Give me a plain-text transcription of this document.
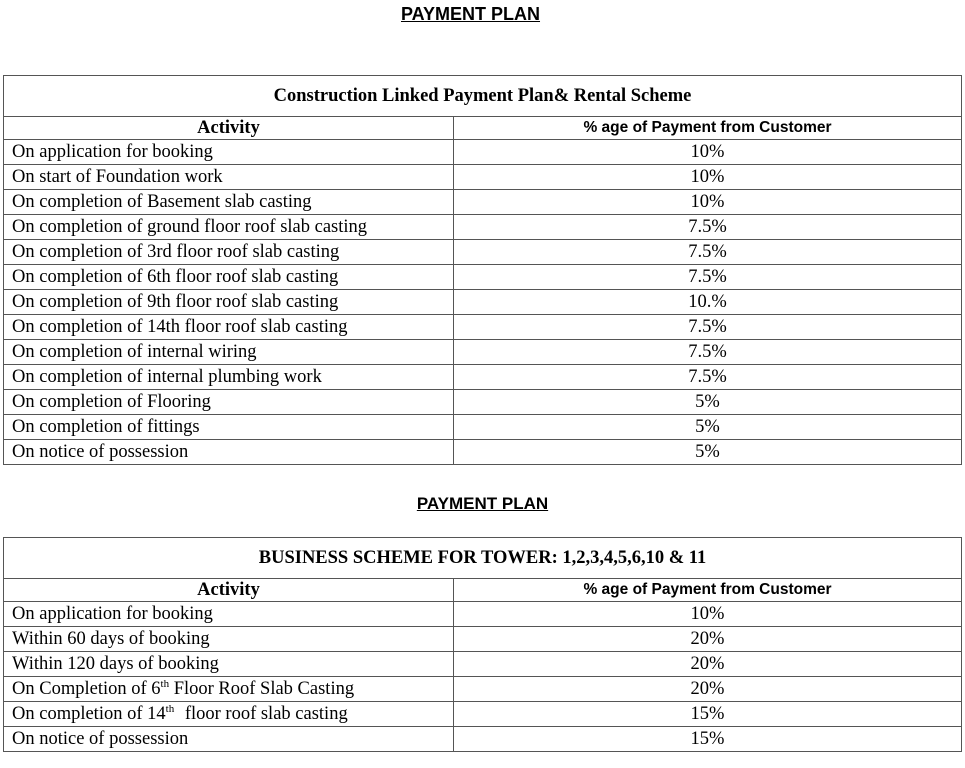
PAYMENT PLAN
Construction Linked Payment Plan& Rental Scheme	
Activity	% age of Payment from Customer
On application for booking	10%
On start of Foundation work	10%
On completion of Basement slab casting	10%
On completion of ground floor roof slab casting	7.5%
On completion of 3rd floor roof slab casting	7.5%
On completion of 6th floor roof slab casting	7.5%
On completion of 9th floor roof slab casting	10.%
On completion of 14th floor roof slab casting	7.5%
On completion of internal wiring	7.5%
On completion of internal plumbing work	7.5%
On completion of Flooring	5%
On completion of fittings	5%
On notice of possession	5%
PAYMENT PLAN
BUSINESS SCHEME FOR TOWER: 1,2,3,4,5,6,10 & 11	
Activity	% age of Payment from Customer
On application for booking	10%
Within 60 days of booking	20%
Within 120 days of booking	20%
On Completion of 6th Floor Roof Slab Casting	20%
On completion of 14th floor roof slab casting	15%
On notice of possession	15%
